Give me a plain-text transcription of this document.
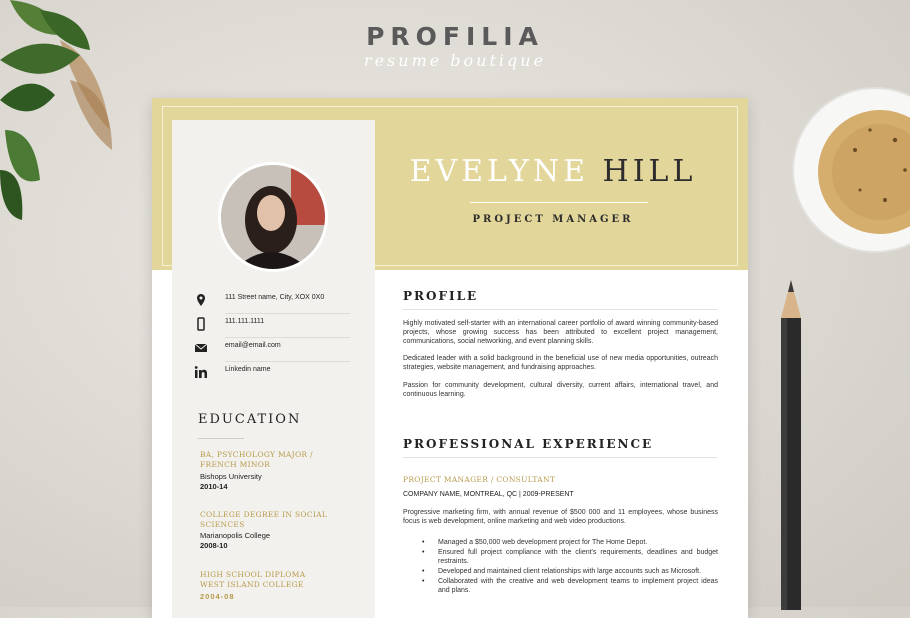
PROFILIA
resume boutique
111 Street name, City, XOX 0X0
111.111.1111
email@email.com
Linkedin name
EDUCATION
BA, PSYCHOLOGY MAJOR / FRENCH MINOR
Bishops University
2010-14
COLLEGE DEGREE IN SOCIAL SCIENCES
Marianopolis College
2008-10
HIGH SCHOOL DIPLOMA WEST ISLAND COLLEGE
2004-08
EVELYNE HILL
PROJECT MANAGER
PROFILE
Highly motivated self-starter with an international career portfolio of award winning community-based projects, whose growing success has been attributed to excellent project management, communications, social networking, and event planning skills.
Dedicated leader with a solid background in the beneficial use of new media opportunities, outreach strategies, website management, and fundraising approaches.
Passion for community development, cultural diversity, current affairs, international travel, and continuous learning.
PROFESSIONAL EXPERIENCE
PROJECT MANAGER / CONSULTANT
COMPANY NAME, MONTREAL, QC | 2009-PRESENT
Progressive marketing firm, with annual revenue of $500 000 and 11 employees, whose business focus is web development, online marketing and web video productions.
• Managed a $50,000 web development project for The Home Depot.
• Ensured full project compliance with the client's requirements, deadlines and budget restraints.
• Developed and maintained client relationships with large accounts such as Microsoft.
• Collaborated with the creative and web development teams to implement project ideas and plans.
